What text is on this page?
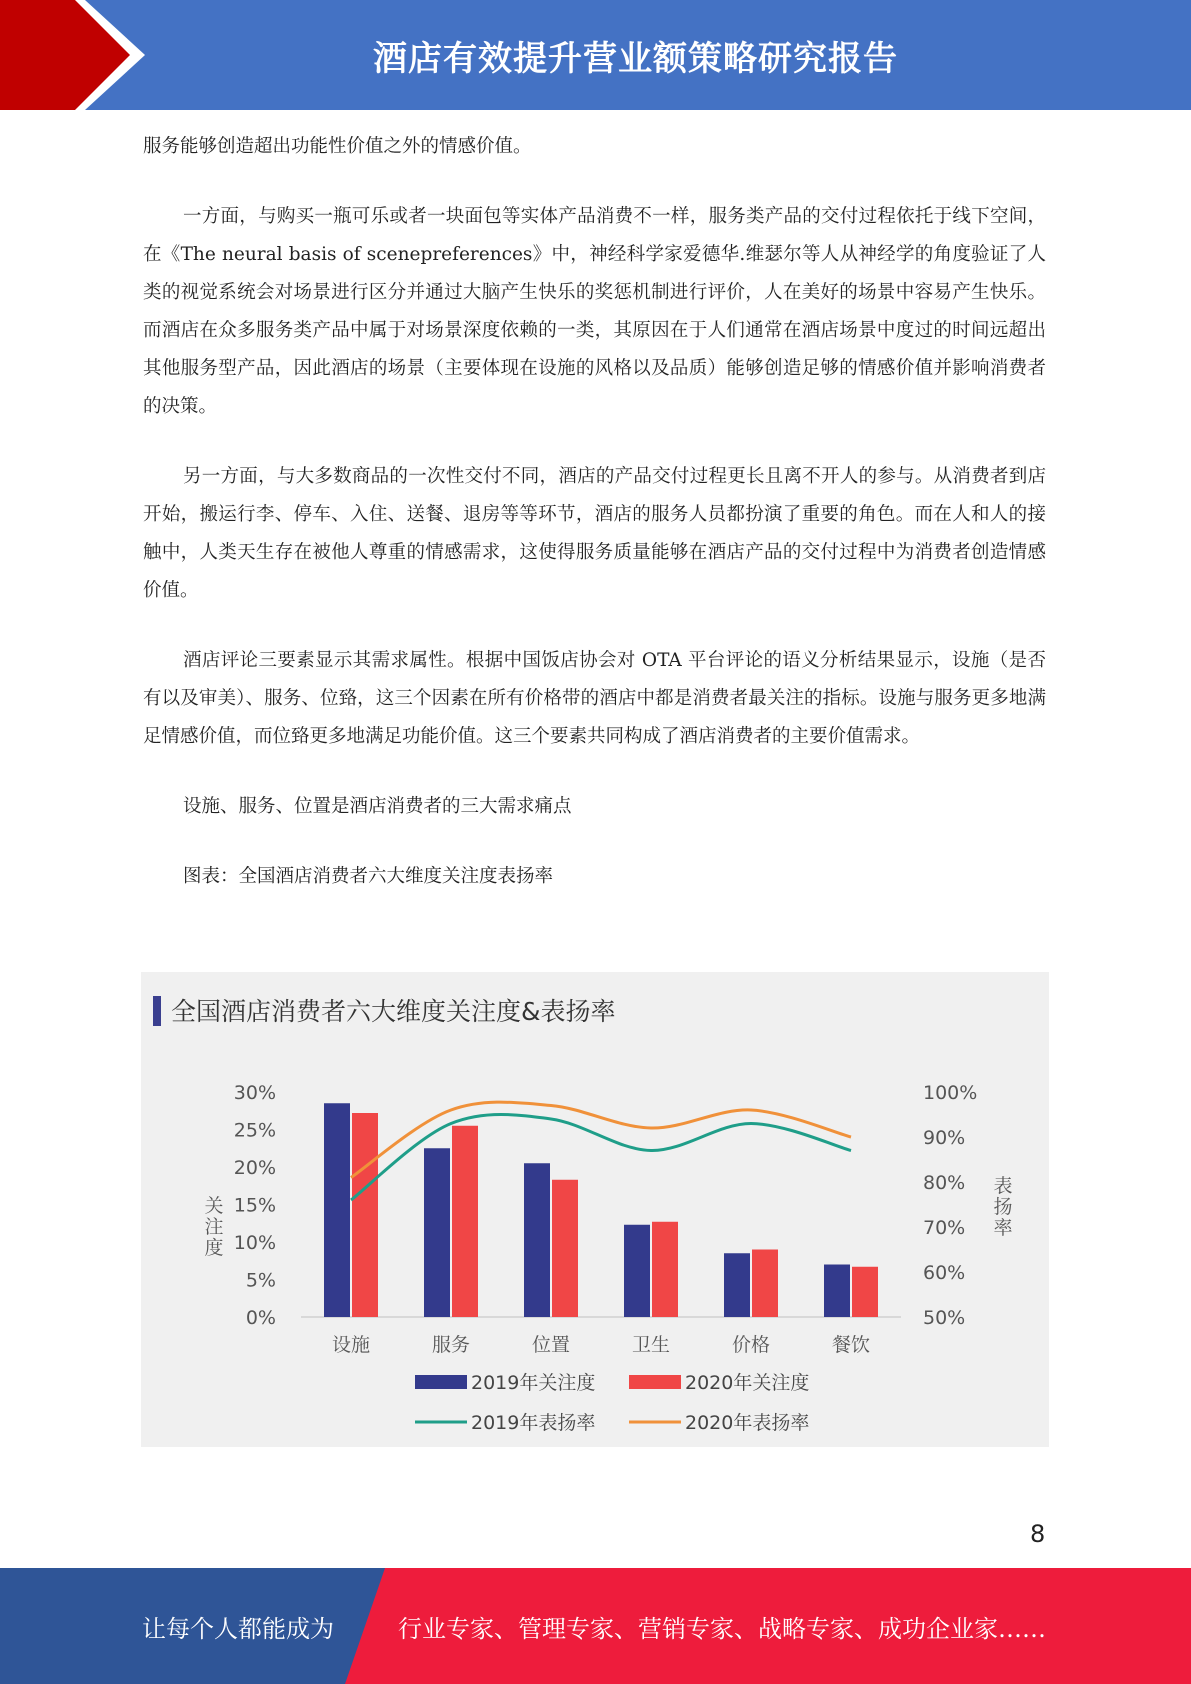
酒店有效提升营业额策略研究报告

服务能够创造超出功能性价值之外的情感价值。

一方面，与购买一瓶可乐或者一块面包等实体产品消费不一样，服务类产品的交付过程依托于线下空间，在《The neural basis of scenepreferences》中，神经科学家爱德华.维瑟尔等人从神经学的角度验证了人类的视觉系统会对场景进行区分并通过大脑产生快乐的奖惩机制进行评价，人在美好的场景中容易产生快乐。而酒店在众多服务类产品中属于对场景深度依赖的一类，其原因在于人们通常在酒店场景中度过的时间远超出其他服务型产品，因此酒店的场景（主要体现在设施的风格以及品质）能够创造足够的情感价值并影响消费者的决策。

另一方面，与大多数商品的一次性交付不同，酒店的产品交付过程更长且离不开人的参与。从消费者到店开始，搬运行李、停车、入住、送餐、退房等等环节，酒店的服务人员都扮演了重要的角色。而在人和人的接触中，人类天生存在被他人尊重的情感需求，这使得服务质量能够在酒店产品的交付过程中为消费者创造情感价值。

酒店评论三要素显示其需求属性。根据中国饭店协会对 OTA 平台评论的语义分析结果显示，设施（是否有以及审美）、服务、位臵，这三个因素在所有价格带的酒店中都是消费者最关注的指标。设施与服务更多地满足情感价值，而位臵更多地满足功能价值。这三个要素共同构成了酒店消费者的主要价值需求。

设施、服务、位置是酒店消费者的三大需求痛点

图表：全国酒店消费者六大维度关注度表扬率

全国酒店消费者六大维度关注度&表扬率
0%
5%
10%
15%
20%
25%
30%
50%
60%
70%
80%
90%
100%
关
注
度
表
扬
率
设施	服务	位置	卫生	价格	餐饮
2019年关注度	2020年关注度
2019年表扬率	2020年表扬率
8
让每个人都能成为	行业专家、管理专家、营销专家、战略专家、成功企业家……
